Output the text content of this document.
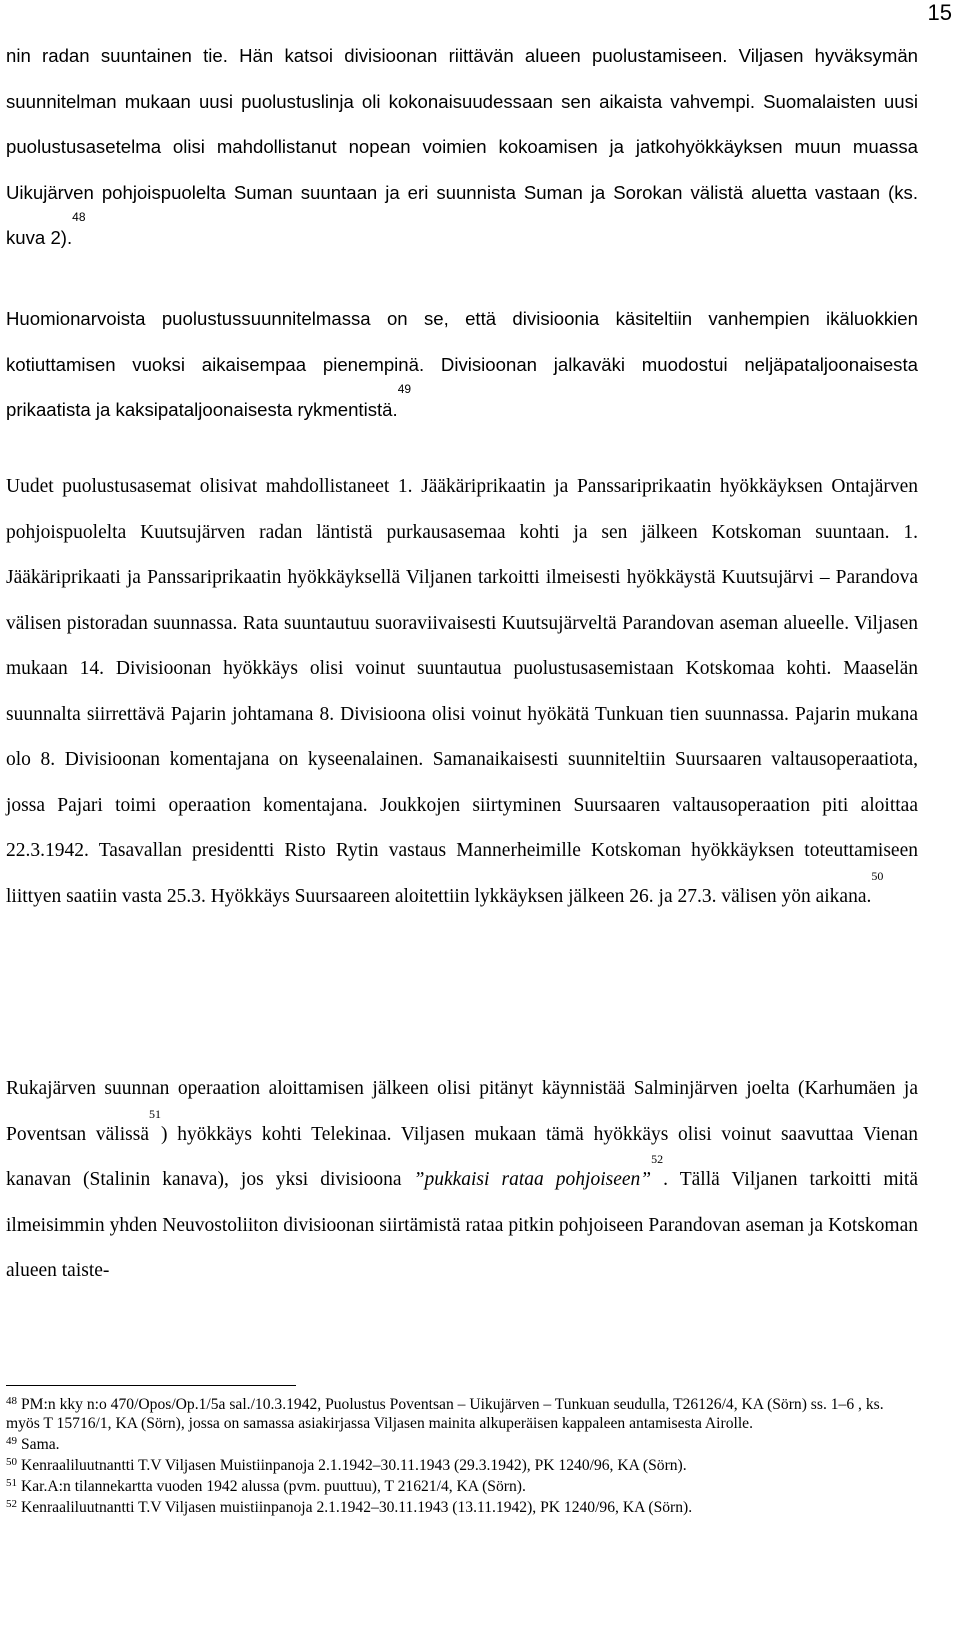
15
nin radan suuntainen tie. Hän katsoi divisioonan riittävän alueen puolustamiseen. Viljasen hyväksymän suunnitelman mukaan uusi puolustuslinja oli kokonaisuudessaan sen aikaista vahvempi. Suomalaisten uusi puolustusasetelma olisi mahdollistanut nopean voimien kokoamisen ja jatkohyökkäyksen muun muassa Uikujärven pohjoispuolelta Suman suuntaan ja eri suunnista Suman ja Sorokan välistä aluetta vastaan (ks. kuva 2).$^{48}$
Huomionarvoista puolustussuunnitelmassa on se, että divisioonia käsiteltiin vanhempien ikäluokkien kotiuttamisen vuoksi aikaisempaa pienempinä. Divisioonan jalkaväki muodostui neljäpataljoonaisesta prikaatista ja kaksipataljoonaisesta rykmentistä.$^{49}$
Uudet puolustusasemat olisivat mahdollistaneet 1. Jääkäriprikaatin ja Panssariprikaatin hyökkäyksen Ontajärven pohjoispuolelta Kuutsujärven radan läntistä purkausasemaa kohti ja sen jälkeen Kotskoman suuntaan. 1. Jääkäriprikaati ja Panssariprikaatin hyökkäyksellä Viljanen tarkoitti ilmeisesti hyökkäystä Kuutsujärvi – Parandova välisen pistoradan suunnassa. Rata suuntautuu suoraviivaisesti Kuutsujärveltä Parandovan aseman alueelle. Viljasen mukaan 14. Divisioonan hyökkäys olisi voinut suuntautua puolustusasemistaan Kotskomaa kohti. Maaselän suunnalta siirrettävä Pajarin johtamana 8. Divisioona olisi voinut hyökätä Tunkuan tien suunnassa. Pajarin mukana olo 8. Divisioonan komentajana on kyseenalainen. Samanaikaisesti suunniteltiin Suursaaren valtausoperaatiota, jossa Pajari toimi operaation komentajana. Joukkojen siirtyminen Suursaaren valtausoperaation piti aloittaa 22.3.1942. Tasavallan presidentti Risto Rytin vastaus Mannerheimille Kotskoman hyökkäyksen toteuttamiseen liittyen saatiin vasta 25.3. Hyökkäys Suursaareen aloitettiin lykkäyksen jälkeen 26. ja 27.3. välisen yön aikana.$^{50}$
Rukajärven suunnan operaation aloittamisen jälkeen olisi pitänyt käynnistää Salminjärven joelta (Karhumäen ja Poventsan välissä$^{51}$) hyökkäys kohti Telekinaa. Viljasen mukaan tämä hyökkäys olisi voinut saavuttaa Vienan kanavan (Stalinin kanava), jos yksi divisioona ”pukkaisi rataa pohjoiseen”$^{52}$. Tällä Viljanen tarkoitti mitä ilmeisimmin yhden Neuvostoliiton divisioonan siirtämistä rataa pitkin pohjoiseen Parandovan aseman ja Kotskoman alueen taiste-
$^{48}$ PM:n kky n:o 470/Opos/Op.1/5a sal./10.3.1942, Puolustus Poventsan – Uikujärven – Tunkuan seudulla, T26126/4, KA (Sörn) ss. 1–6 , ks. myös T 15716/1, KA (Sörn), jossa on samassa asiakirjassa Viljasen mainita alkuperäisen kappaleen antamisesta Airolle.
$^{49}$ Sama.
$^{50}$ Kenraaliluutnantti T.V Viljasen Muistiinpanoja 2.1.1942–30.11.1943 (29.3.1942), PK 1240/96, KA (Sörn).
$^{51}$ Kar.A:n tilannekartta vuoden 1942 alussa (pvm. puuttuu), T 21621/4, KA (Sörn).
$^{52}$ Kenraaliluutnantti T.V Viljasen muistiinpanoja 2.1.1942–30.11.1943 (13.11.1942), PK 1240/96, KA (Sörn).
